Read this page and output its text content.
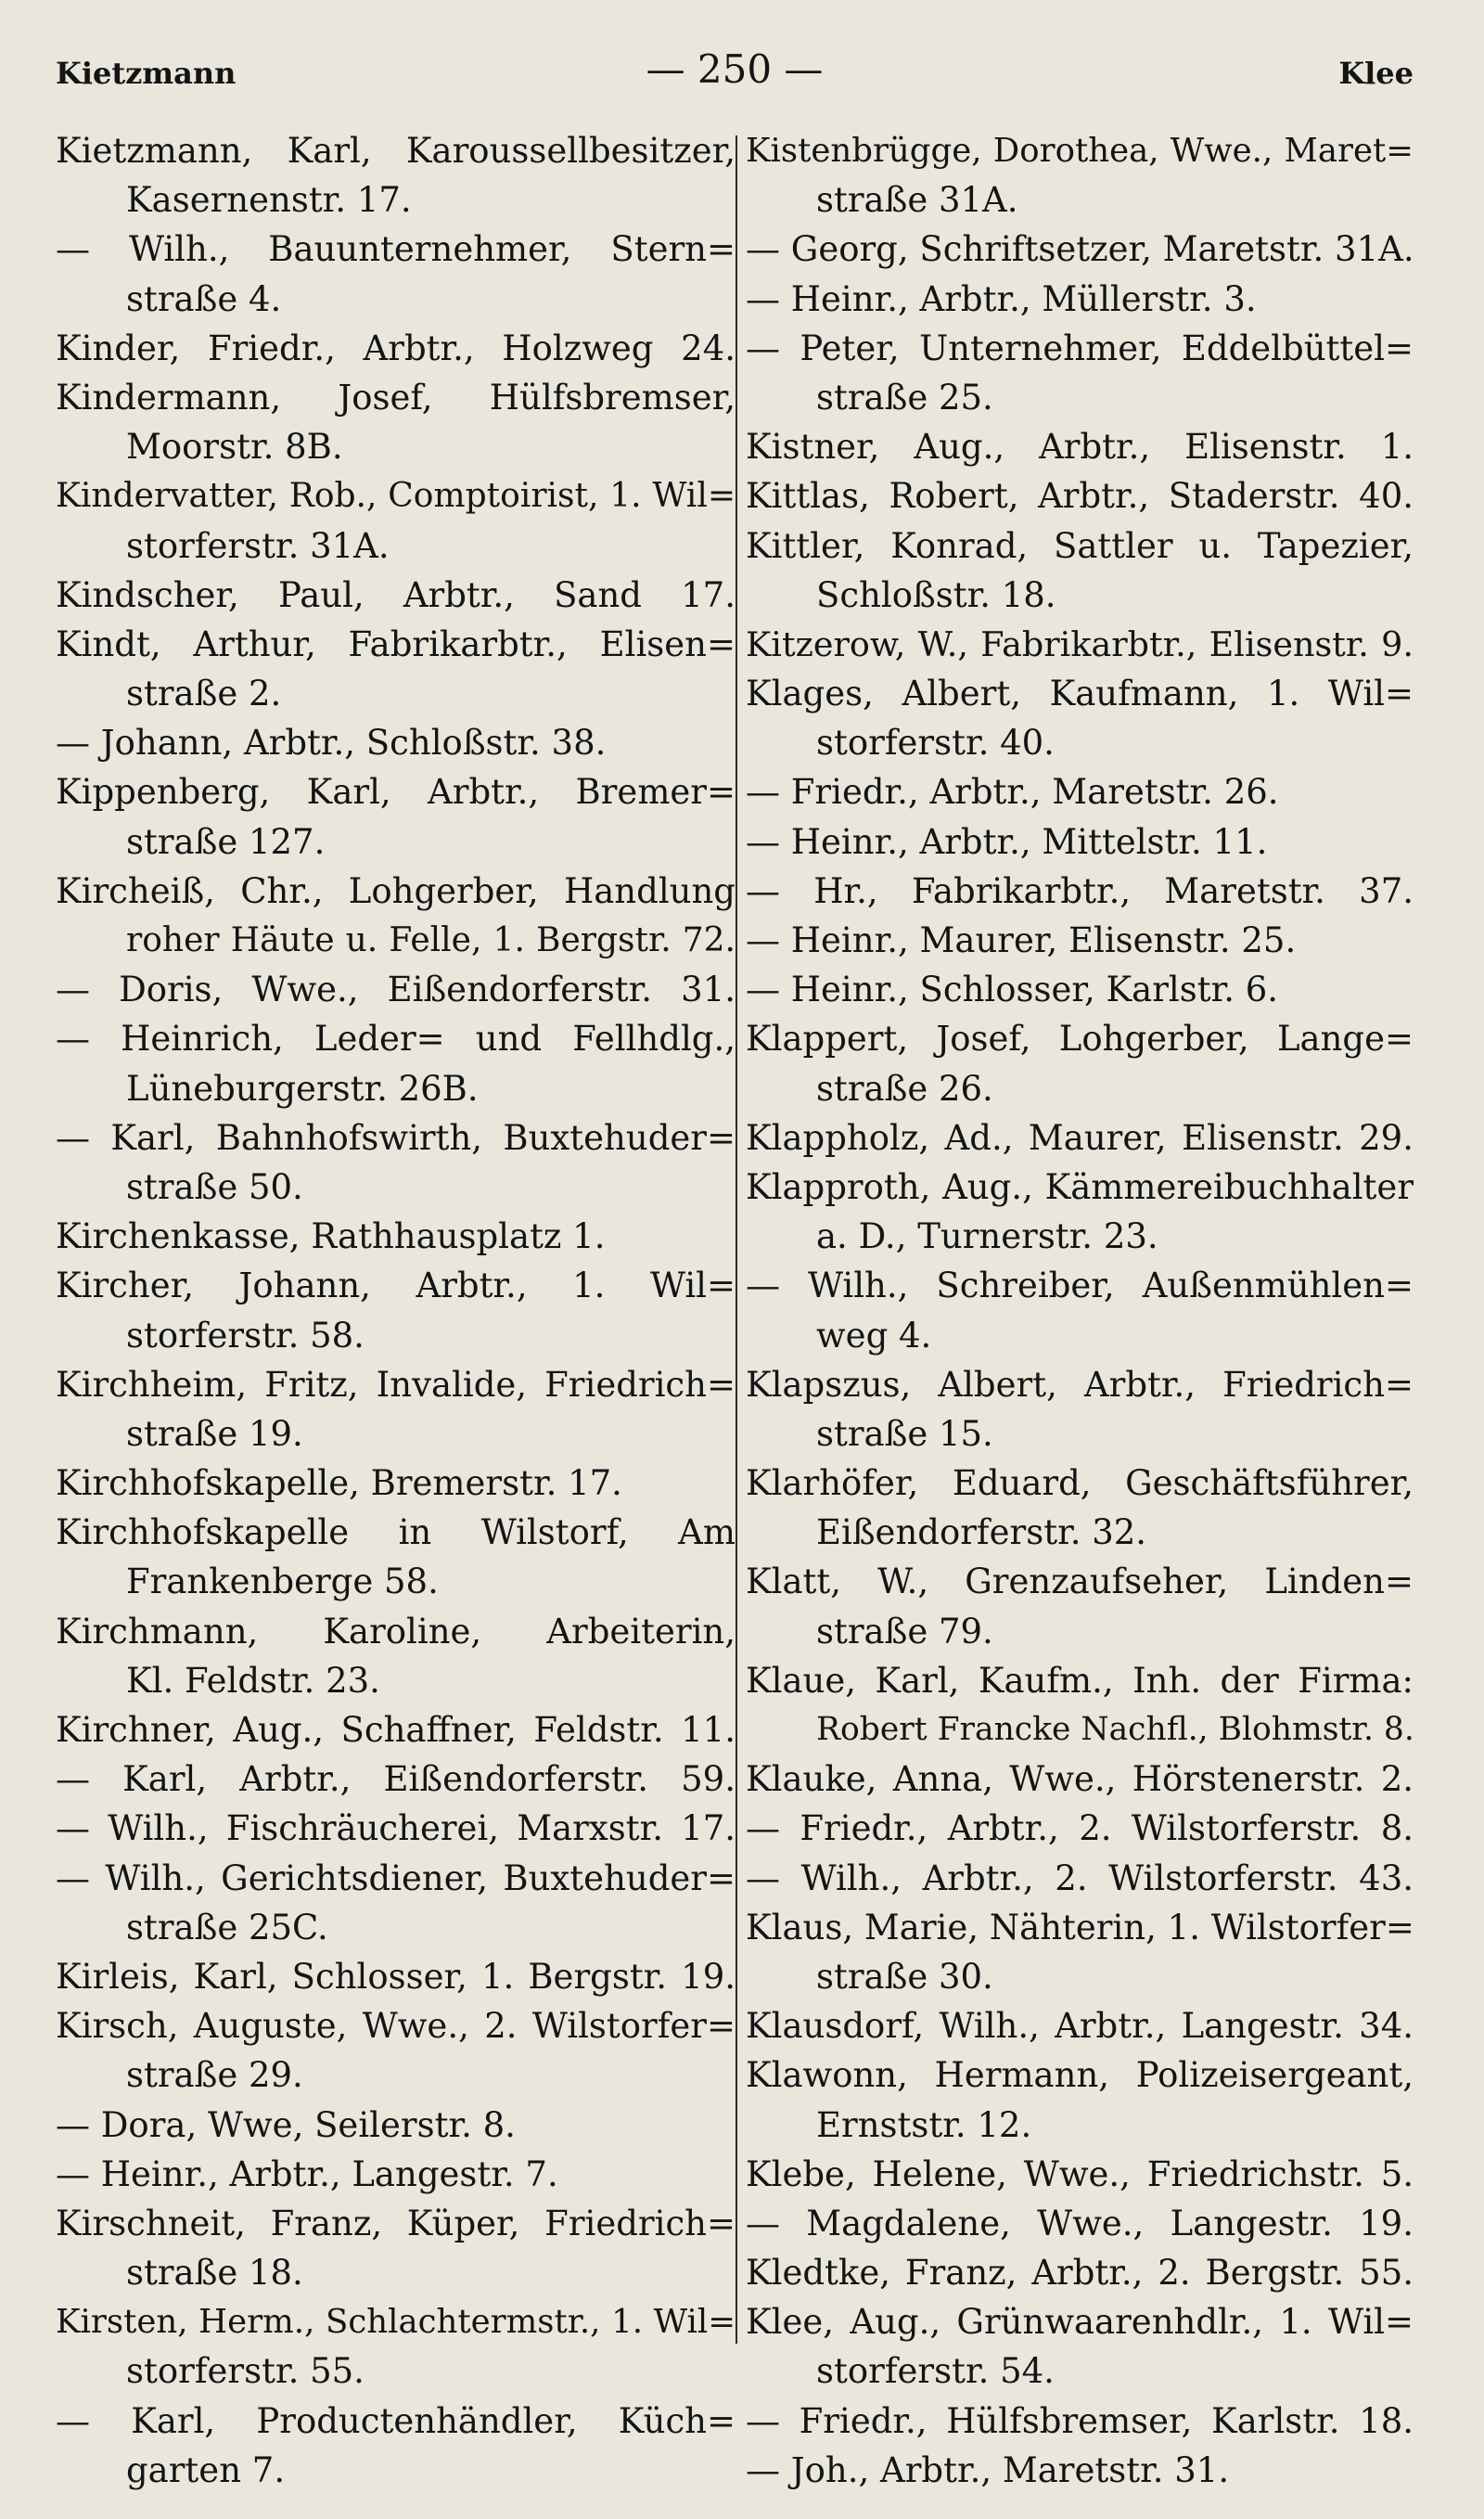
Kietzmann	— 250 —	Klee
Kietzmann, Karl, Karoussellbesitzer,
Kasernenstr. 17.
— Wilh., Bauunternehmer, Stern=
straße 4.
Kinder, Friedr., Arbtr., Holzweg 24.
Kindermann, Josef, Hülfsbremser,
Moorstr. 8B.
Kindervatter, Rob., Comptoirist, 1. Wil=
storferstr. 31A.
Kindscher, Paul, Arbtr., Sand 17.
Kindt, Arthur, Fabrikarbtr., Elisen=
straße 2.
— Johann, Arbtr., Schloßstr. 38.
Kippenberg, Karl, Arbtr., Bremer=
straße 127.
Kircheiß, Chr., Lohgerber, Handlung
roher Häute u. Felle, 1. Bergstr. 72.
— Doris, Wwe., Eißendorferstr. 31.
— Heinrich, Leder= und Fellhdlg.,
Lüneburgerstr. 26B.
— Karl, Bahnhofswirth, Buxtehuder=
straße 50.
Kirchenkasse, Rathhausplatz 1.
Kircher, Johann, Arbtr., 1. Wil=
storferstr. 58.
Kirchheim, Fritz, Invalide, Friedrich=
straße 19.
Kirchhofskapelle, Bremerstr. 17.
Kirchhofskapelle in Wilstorf, Am
Frankenberge 58.
Kirchmann, Karoline, Arbeiterin,
Kl. Feldstr. 23.
Kirchner, Aug., Schaffner, Feldstr. 11.
— Karl, Arbtr., Eißendorferstr. 59.
— Wilh., Fischräucherei, Marxstr. 17.
— Wilh., Gerichtsdiener, Buxtehuder=
straße 25C.
Kirleis, Karl, Schlosser, 1. Bergstr. 19.
Kirsch, Auguste, Wwe., 2. Wilstorfer=
straße 29.
— Dora, Wwe, Seilerstr. 8.
— Heinr., Arbtr., Langestr. 7.
Kirschneit, Franz, Küper, Friedrich=
straße 18.
Kirsten, Herm., Schlachtermstr., 1. Wil=
storferstr. 55.
— Karl, Productenhändler, Küch=
garten 7.
Kistenbrügge, Dorothea, Wwe., Maret=
straße 31A.
— Georg, Schriftsetzer, Maretstr. 31A.
— Heinr., Arbtr., Müllerstr. 3.
— Peter, Unternehmer, Eddelbüttel=
straße 25.
Kistner, Aug., Arbtr., Elisenstr. 1.
Kittlas, Robert, Arbtr., Staderstr. 40.
Kittler, Konrad, Sattler u. Tapezier,
Schloßstr. 18.
Kitzerow, W., Fabrikarbtr., Elisenstr. 9.
Klages, Albert, Kaufmann, 1. Wil=
storferstr. 40.
— Friedr., Arbtr., Maretstr. 26.
— Heinr., Arbtr., Mittelstr. 11.
— Hr., Fabrikarbtr., Maretstr. 37.
— Heinr., Maurer, Elisenstr. 25.
— Heinr., Schlosser, Karlstr. 6.
Klappert, Josef, Lohgerber, Lange=
straße 26.
Klappholz, Ad., Maurer, Elisenstr. 29.
Klapproth, Aug., Kämmereibuchhalter
a. D., Turnerstr. 23.
— Wilh., Schreiber, Außenmühlen=
weg 4.
Klapszus, Albert, Arbtr., Friedrich=
straße 15.
Klarhöfer, Eduard, Geschäftsführer,
Eißendorferstr. 32.
Klatt, W., Grenzaufseher, Linden=
straße 79.
Klaue, Karl, Kaufm., Inh. der Firma:
Robert Francke Nachfl., Blohmstr. 8.
Klauke, Anna, Wwe., Hörstenerstr. 2.
— Friedr., Arbtr., 2. Wilstorferstr. 8.
— Wilh., Arbtr., 2. Wilstorferstr. 43.
Klaus, Marie, Nähterin, 1. Wilstorfer=
straße 30.
Klausdorf, Wilh., Arbtr., Langestr. 34.
Klawonn, Hermann, Polizeisergeant,
Ernststr. 12.
Klebe, Helene, Wwe., Friedrichstr. 5.
— Magdalene, Wwe., Langestr. 19.
Kledtke, Franz, Arbtr., 2. Bergstr. 55.
Klee, Aug., Grünwaarenhdlr., 1. Wil=
storferstr. 54.
— Friedr., Hülfsbremser, Karlstr. 18.
— Joh., Arbtr., Maretstr. 31.
